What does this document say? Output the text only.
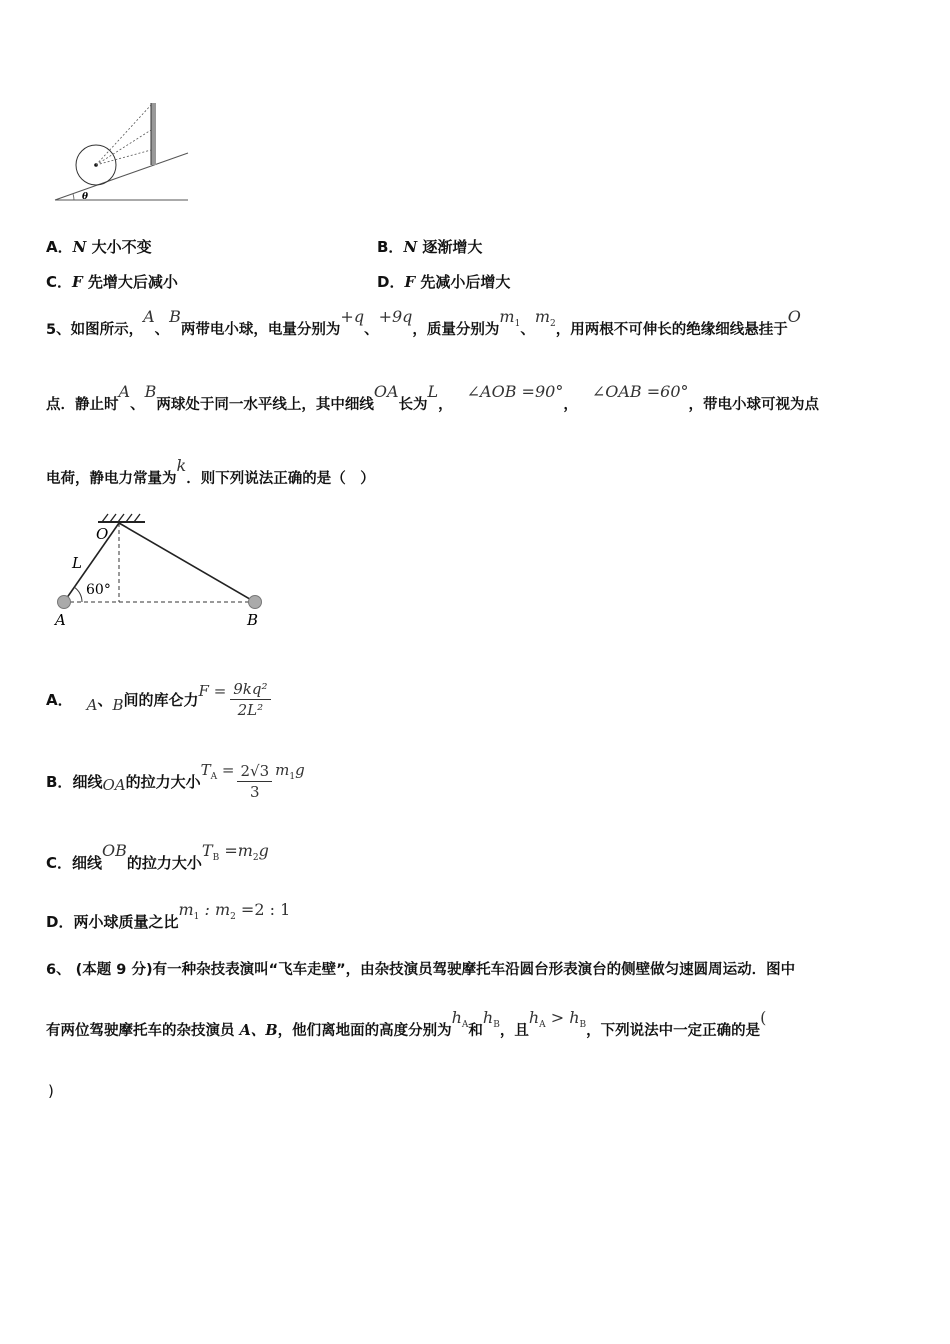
θ
A．N 大小不变	B．N 逐渐增大
C．F 先增大后减小	D．F 先减小后增大
5、如图所示，A、B两带电小球，电量分别为+q、+9q，质量分别为$m_1$、$m_2$，用两根不可伸长的绝缘细线悬挂于O
点．静止时A、B两球处于同一水平线上，其中细线OA长为L，∠AOB =90°，∠OAB =60°，带电小球可视为点
电荷，静电力常量为k．则下列说法正确的是（　）
O
L
60°
A	B
A． A 、 B 间的库仑力 $F = \frac{\text{9kq²}}{\text{2L²}}$
B． 细线 OA 的拉力大小
$T_A = \frac{2√3}{3} m_1g$
C．细线OB的拉力大小$T_B =m_2g$
D．两小球质量之比$m_1$ : $m_2 =2$ : 1
6、 (本题 9 分)有一种杂技表演叫“飞车走壁”，由杂技演员驾驶摩托车沿圆台形表演台的侧壁做匀速圆周运动．图中
有两位驾驶摩托车的杂技演员 A、B，他们离地面的高度分别为$h_A$和$h_B$，且$h_A > h_B$，下列说法中一定正确的是(
)
